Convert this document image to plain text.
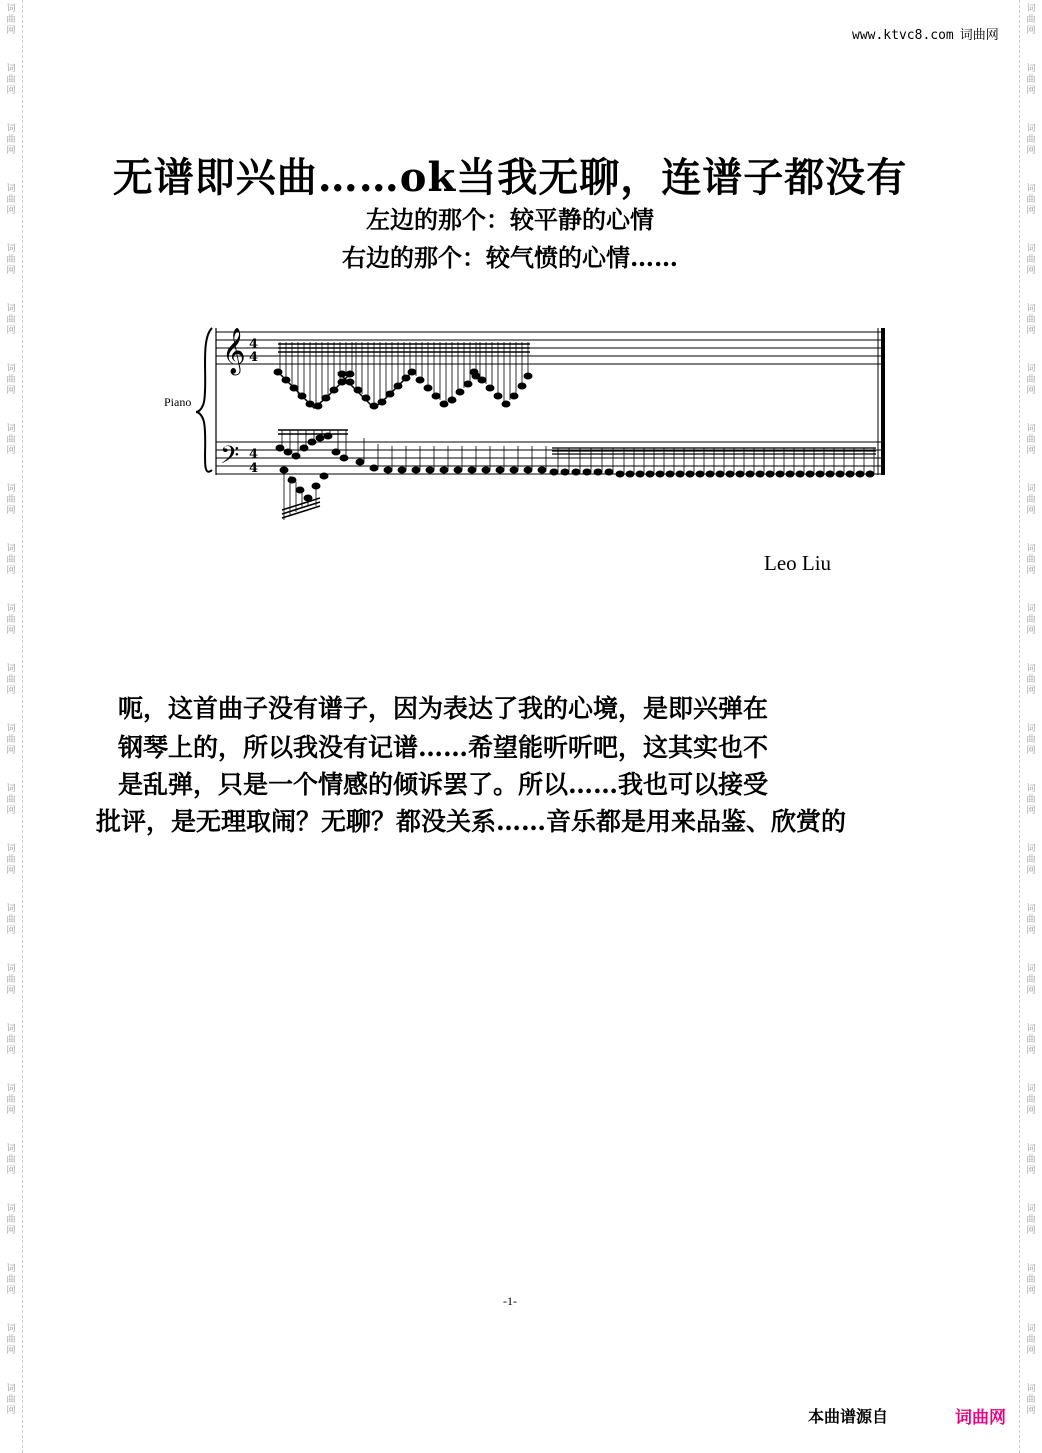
词
曲
网
词
曲
网
词
曲
网
词
曲
网
词
曲
网
词
曲
网
词
曲
网
词
曲
网
词
曲
网
词
曲
网
词
曲
网
词
曲
网
词
曲
网
词
曲
网
词
曲
网
词
曲
网
词
曲
网
词
曲
网
词
曲
网
词
曲
网
词
曲
网
词
曲
网
词
曲
网
词
曲
网
词
曲
网
词
曲
网
词
曲
网
词
曲
网
词
曲
网
词
曲
网
词
曲
网
词
曲
网
词
曲
网
词
曲
网
词
曲
网
词
曲
网
词
曲
网
词
曲
网
词
曲
网
词
曲
网
词
曲
网
词
曲
网
词
曲
网
词
曲
网
词
曲
网
词
曲
网
词
曲
网
词
曲
网
www.ktvc8.com 词曲网
无谱即兴曲……ok当我无聊，连谱子都没有
左边的那个：较平静的心情
右边的那个：较气愤的心情……
Piano
𝄞 4
4
𝄢 4
4
Leo Liu
呃，这首曲子没有谱子，因为表达了我的心境，是即兴弹在
钢琴上的，所以我没有记谱……希望能听听吧，这其实也不
是乱弹，只是一个情感的倾诉罢了。所以……我也可以接受
批评，是无理取闹？无聊？都没关系……音乐都是用来品鉴、欣赏的
-1-
本曲谱源自	词曲网
